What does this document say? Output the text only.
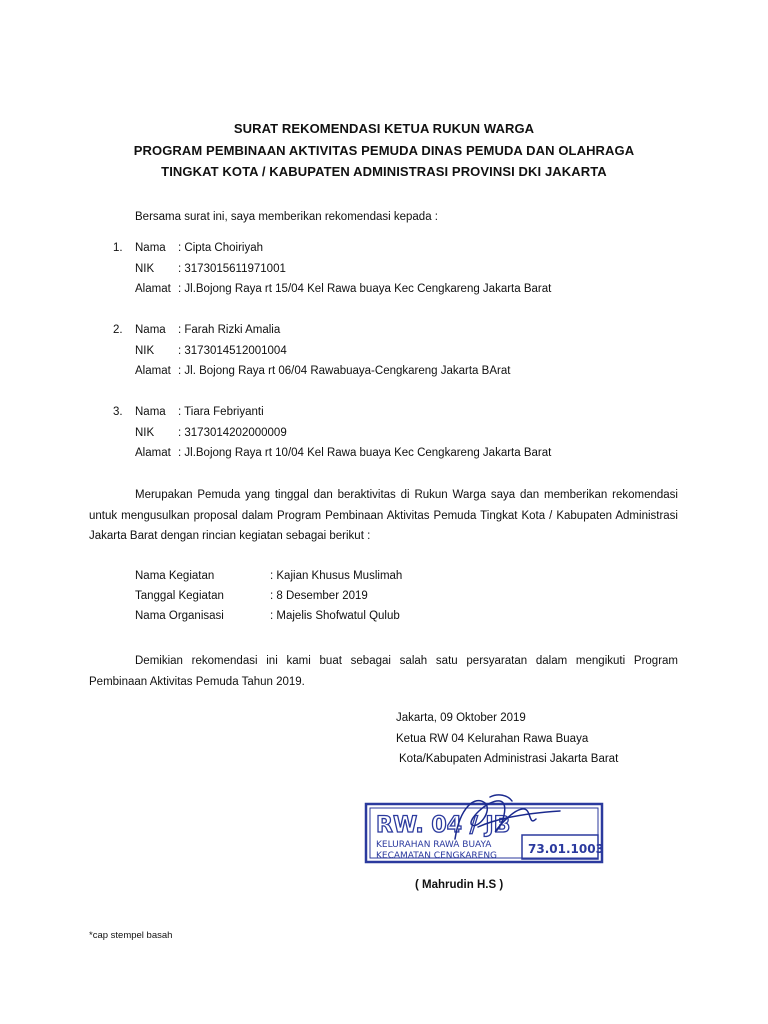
SURAT REKOMENDASI KETUA RUKUN WARGA
PROGRAM PEMBINAAN AKTIVITAS PEMUDA DINAS PEMUDA DAN OLAHRAGA
TINGKAT KOTA / KABUPATEN ADMINISTRASI PROVINSI DKI JAKARTA
Bersama surat ini, saya memberikan rekomendasi kepada :
1. Nama : Cipta Choiriyah
NIK : 3173015611971001
Alamat : Jl.Bojong Raya rt 15/04 Kel Rawa buaya Kec Cengkareng Jakarta Barat
2. Nama : Farah Rizki Amalia
NIK : 3173014512001004
Alamat : Jl. Bojong Raya rt 06/04 Rawabuaya-Cengkareng Jakarta BArat
3. Nama : Tiara Febriyanti
NIK : 3173014202000009
Alamat : Jl.Bojong Raya rt 10/04 Kel Rawa buaya Kec Cengkareng Jakarta Barat
Merupakan Pemuda yang tinggal dan beraktivitas di Rukun Warga saya dan memberikan rekomendasi untuk mengusulkan proposal dalam Program Pembinaan Aktivitas Pemuda Tingkat Kota / Kabupaten Administrasi Jakarta Barat dengan rincian kegiatan sebagai berikut :
Nama Kegiatan	: Kajian Khusus Muslimah
Tanggal Kegiatan	: 8 Desember 2019
Nama Organisasi	: Majelis Shofwatul Qulub
Demikian rekomendasi ini kami buat sebagai salah satu persyaratan dalam mengikuti Program Pembinaan Aktivitas Pemuda Tahun 2019.
Jakarta, 09 Oktober 2019
Ketua RW 04 Kelurahan Rawa Buaya
Kota/Kabupaten Administrasi Jakarta Barat
RW. 04 / JB
KELURAHAN RAWA BUAYA
KECAMATAN CENGKARENG	73.01.1003
( Mahrudin H.S )
*cap stempel basah
